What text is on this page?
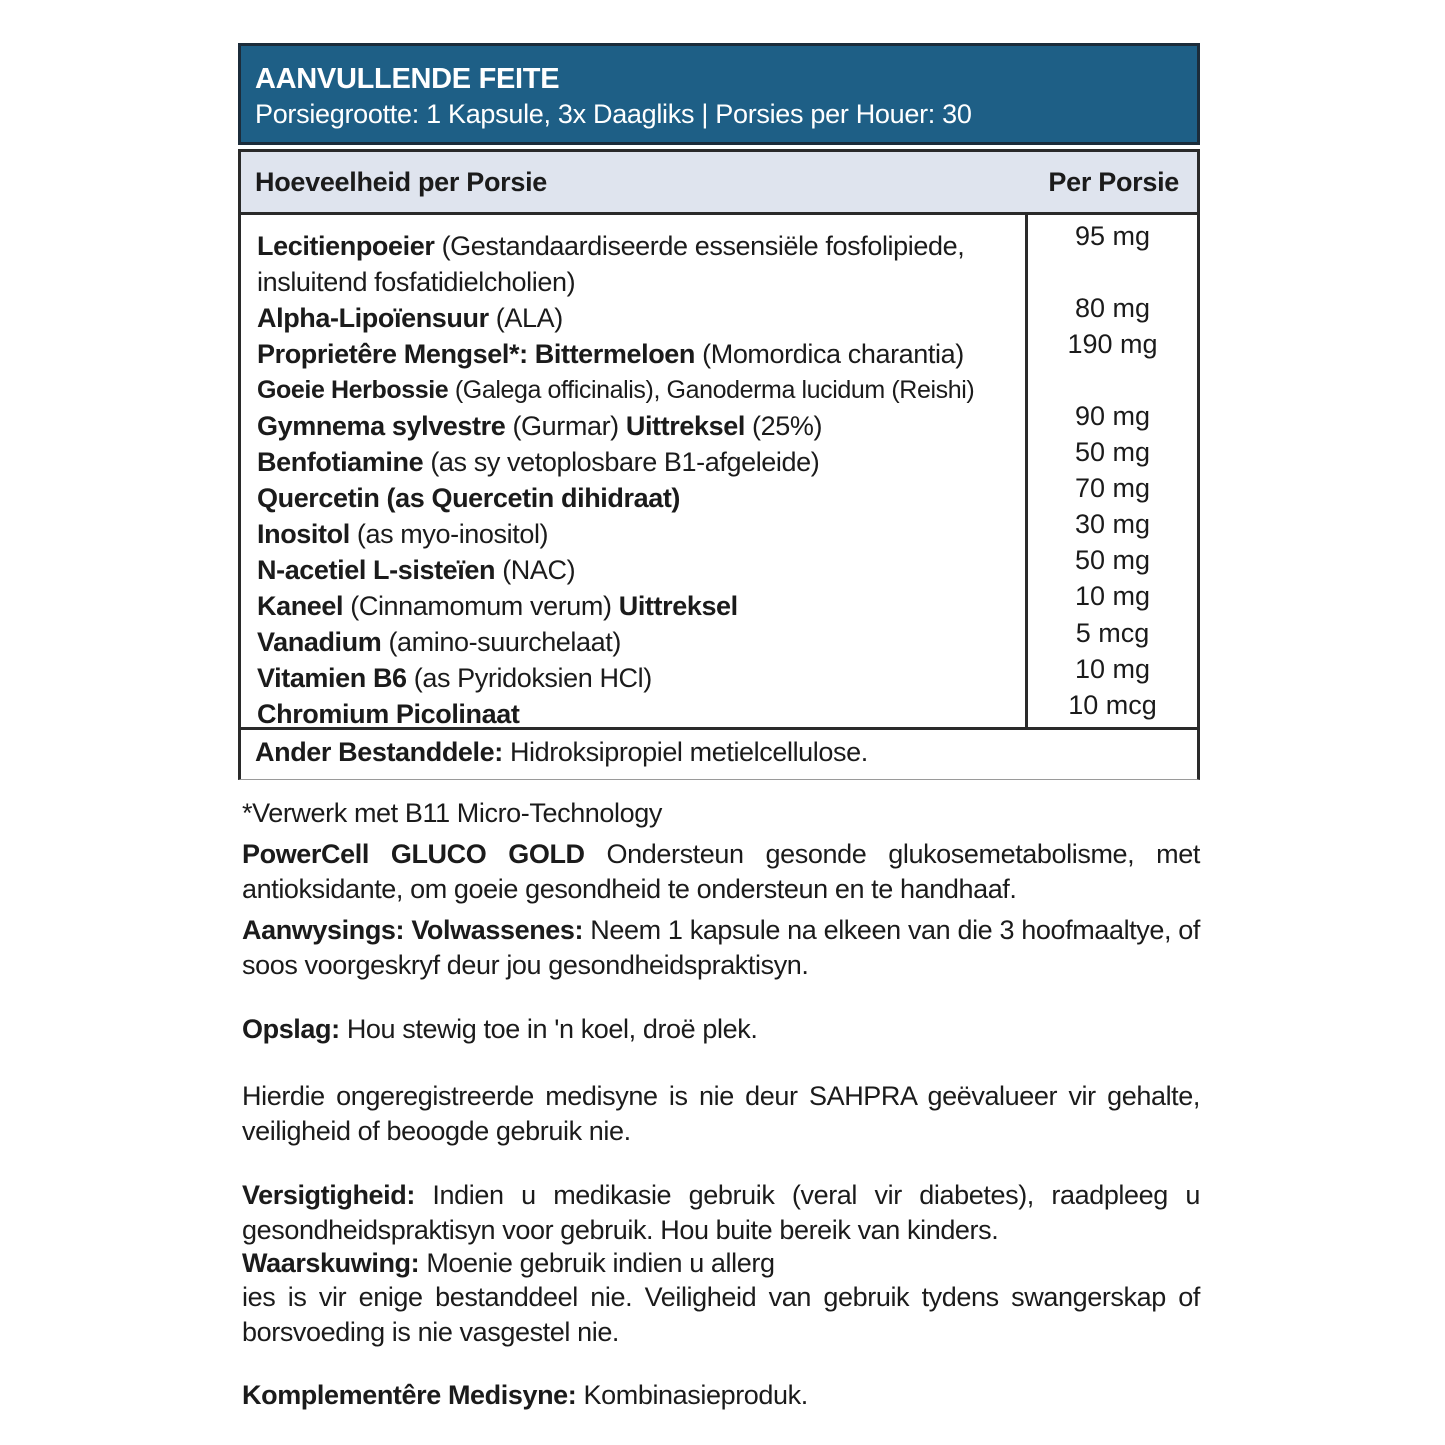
AANVULLENDE FEITE
Porsiegrootte: 1 Kapsule, 3x Daagliks | Porsies per Houer: 30
Hoeveelheid per Porsie	Per Porsie
Lecitienpoeier (Gestandaardiseerde essensiële fosfolipiede,
insluitend fosfatidielcholien)
Alpha-Lipoïensuur (ALA)
Proprietêre Mengsel*: Bittermeloen (Momordica charantia)
Goeie Herbossie (Galega officinalis), Ganoderma lucidum (Reishi)
Gymnema sylvestre (Gurmar) Uittreksel (25%)
Benfotiamine (as sy vetoplosbare B1-afgeleide)
Quercetin (as Quercetin dihidraat)
Inositol (as myo-inositol)
N-acetiel L-sisteïen (NAC)
Kaneel (Cinnamomum verum) Uittreksel
Vanadium (amino-suurchelaat)
Vitamien B6 (as Pyridoksien HCl)
Chromium Picolinaat
95 mg
80 mg
190 mg
90 mg
50 mg
70 mg
30 mg
50 mg
10 mg
5 mcg
10 mg
10 mcg
Ander Bestanddele: Hidroksipropiel metielcellulose.
*Verwerk met B11 Micro-Technology
PowerCell GLUCO GOLD Ondersteun gesonde glukosemetabolisme, met antioksidante, om goeie gesondheid te ondersteun en te handhaaf.
Aanwysings: Volwassenes: Neem 1 kapsule na elkeen van die 3 hoofmaaltye, of soos voorgeskryf deur jou gesondheidspraktisyn.
Opslag: Hou stewig toe in 'n koel, droë plek.
Hierdie ongeregistreerde medisyne is nie deur SAHPRA geëvalueer vir gehalte, veiligheid of beoogde gebruik nie.
Versigtigheid: Indien u medikasie gebruik (veral vir diabetes), raadpleeg u gesondheidspraktisyn voor gebruik. Hou buite bereik van kinders.
Waarskuwing: Moenie gebruik indien u allerg
ies is vir enige bestanddeel nie. Veiligheid van gebruik tydens swangerskap of borsvoeding is nie vasgestel nie.
Komplementêre Medisyne: Kombinasieproduk.
